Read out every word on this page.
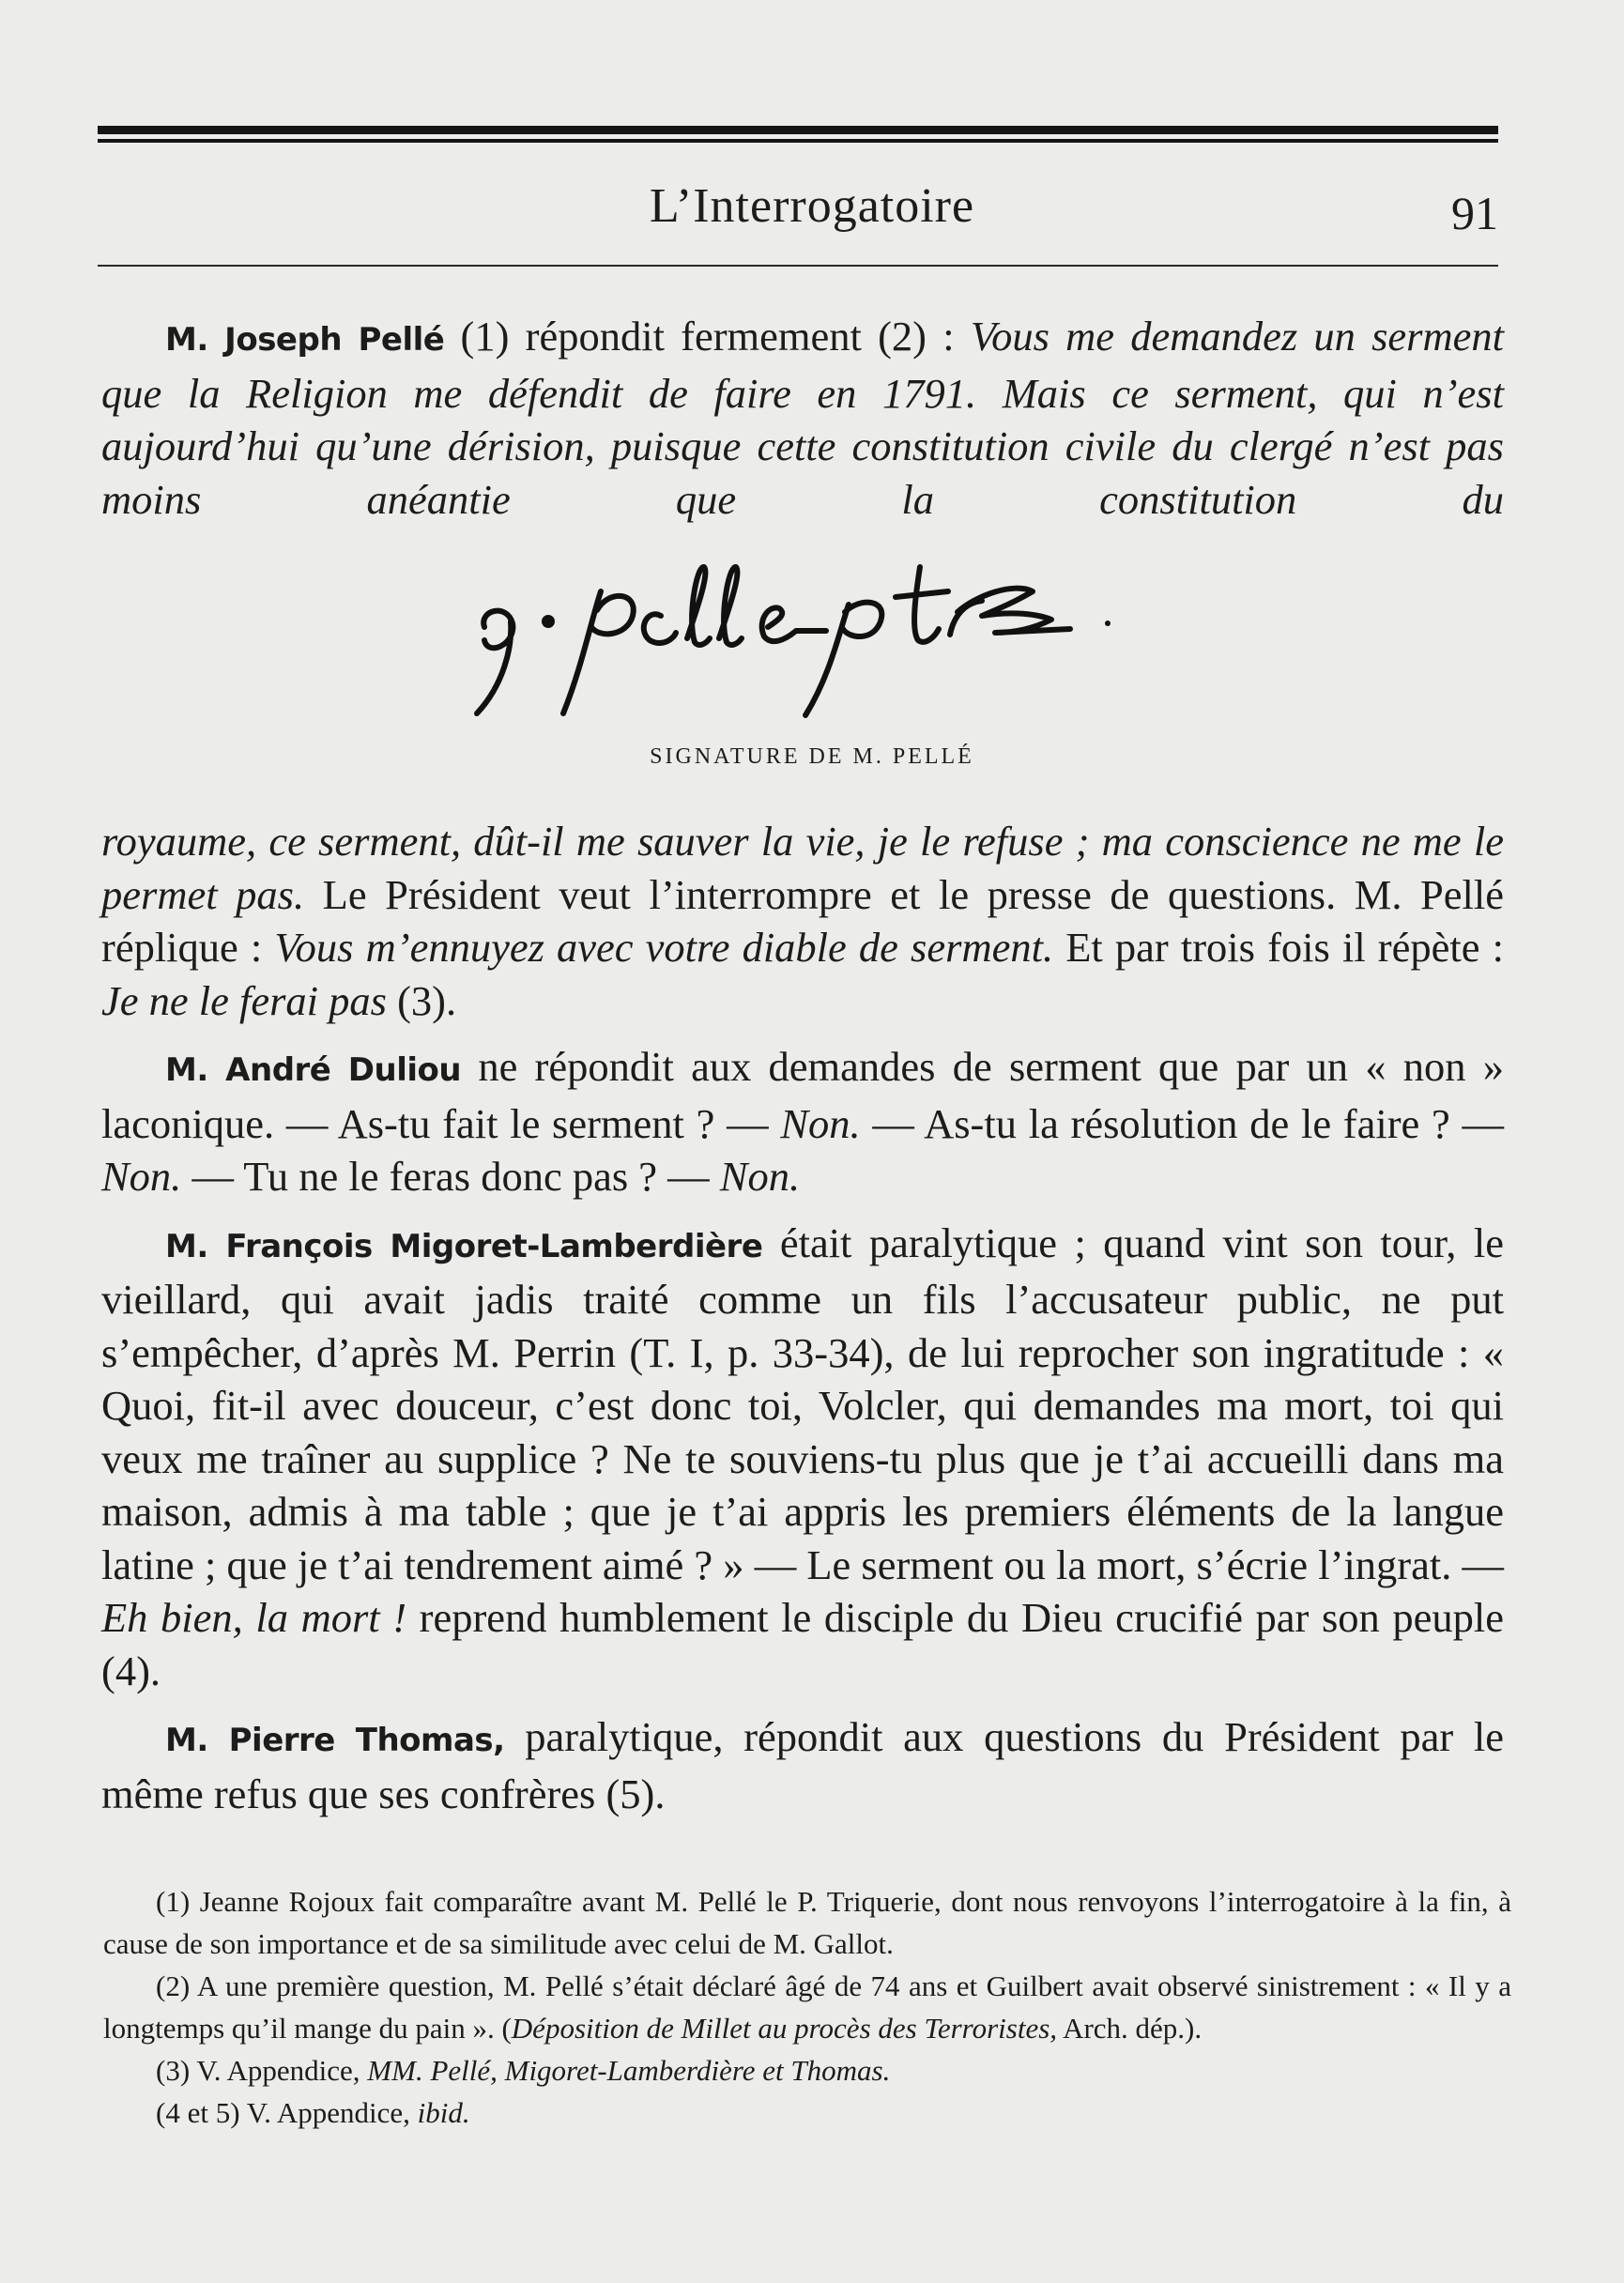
L’Interrogatoire	91

M. Joseph Pellé (1) répondit fermement (2) : Vous me demandez un serment que la Religion me défendit de faire en 1791. Mais ce serment, qui n’est aujourd’hui qu’une dérision, puisque cette constitution civile du clergé n’est pas moins anéantie que la constitution du

SIGNATURE DE M. PELLÉ

royaume, ce serment, dût-il me sauver la vie, je le refuse ; ma conscience ne me le permet pas. Le Président veut l’interrompre et le presse de questions. M. Pellé réplique : Vous m’ennuyez avec votre diable de serment. Et par trois fois il répète : Je ne le ferai pas (3).

M. André Duliou ne répondit aux demandes de serment que par un « non » laconique. — As-tu fait le serment ? — Non. — As-tu la résolution de le faire ? — Non. — Tu ne le feras donc pas ? — Non.

M. François Migoret-Lamberdière était paralytique ; quand vint son tour, le vieillard, qui avait jadis traité comme un fils l’accusateur public, ne put s’empêcher, d’après M. Perrin (T. I, p. 33-34), de lui reprocher son ingratitude : « Quoi, fit-il avec douceur, c’est donc toi, Volcler, qui demandes ma mort, toi qui veux me traîner au supplice ? Ne te souviens-tu plus que je t’ai accueilli dans ma maison, admis à ma table ; que je t’ai appris les premiers éléments de la langue latine ; que je t’ai tendrement aimé ? » — Le serment ou la mort, s’écrie l’ingrat. — Eh bien, la mort ! reprend humblement le disciple du Dieu crucifié par son peuple (4).

M. Pierre Thomas, paralytique, répondit aux questions du Président par le même refus que ses confrères (5).

(1) Jeanne Rojoux fait comparaître avant M. Pellé le P. Triquerie, dont nous renvoyons l’interrogatoire à la fin, à cause de son importance et de sa similitude avec celui de M. Gallot.

(2) A une première question, M. Pellé s’était déclaré âgé de 74 ans et Guilbert avait observé sinistrement : « Il y a longtemps qu’il mange du pain ». (Déposition de Millet au procès des Terroristes, Arch. dép.).

(3) V. Appendice, MM. Pellé, Migoret-Lamberdière et Thomas.

(4 et 5) V. Appendice, ibid.
